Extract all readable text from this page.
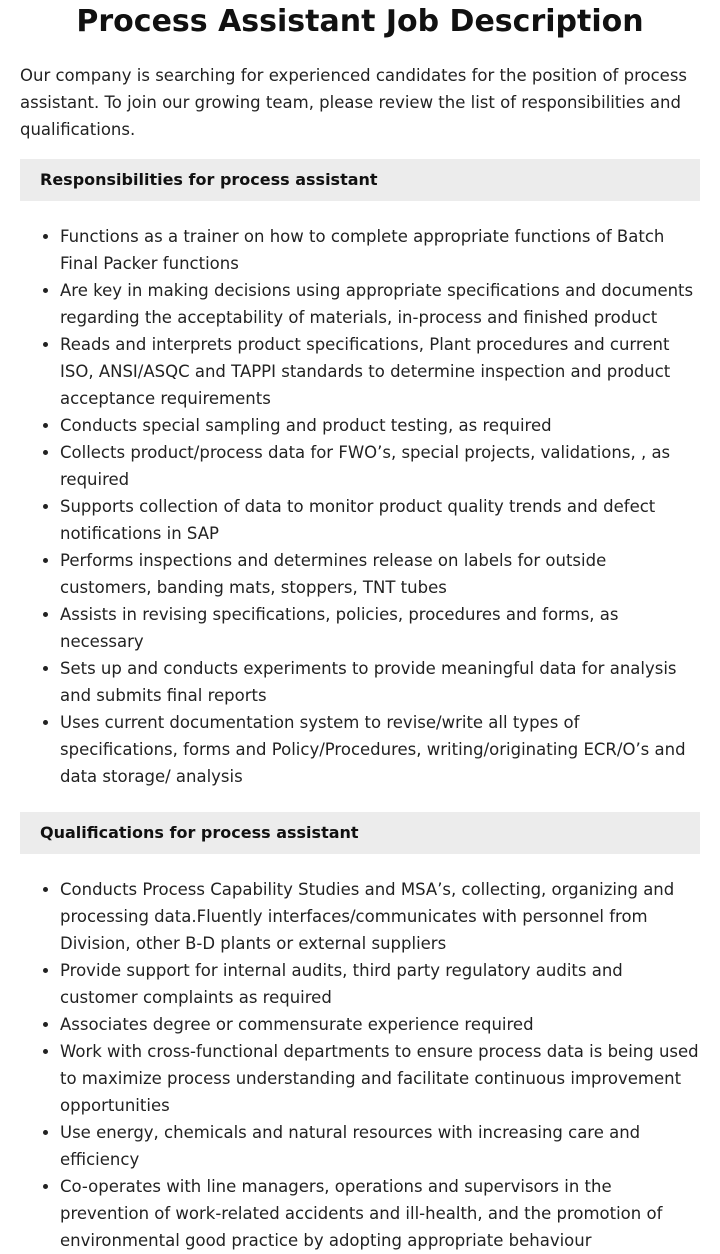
Process Assistant Job Description

Our company is searching for experienced candidates for the position of process assistant. To join our growing team, please review the list of responsibilities and qualifications.

Responsibilities for process assistant
• Functions as a trainer on how to complete appropriate functions of Batch Final Packer functions
• Are key in making decisions using appropriate specifications and documents regarding the acceptability of materials, in-process and finished product
• Reads and interprets product specifications, Plant procedures and current ISO, ANSI/ASQC and TAPPI standards to determine inspection and product acceptance requirements
• Conducts special sampling and product testing, as required
• Collects product/process data for FWO’s, special projects, validations, , as required
• Supports collection of data to monitor product quality trends and defect notifications in SAP
• Performs inspections and determines release on labels for outside customers, banding mats, stoppers, TNT tubes
• Assists in revising specifications, policies, procedures and forms, as necessary
• Sets up and conducts experiments to provide meaningful data for analysis and submits final reports
• Uses current documentation system to revise/write all types of specifications, forms and Policy/Procedures, writing/originating ECR/O’s and data storage/ analysis
Qualifications for process assistant
• Conducts Process Capability Studies and MSA’s, collecting, organizing and processing data.Fluently interfaces/communicates with personnel from Division, other B-D plants or external suppliers
• Provide support for internal audits, third party regulatory audits and customer complaints as required
• Associates degree or commensurate experience required
• Work with cross-functional departments to ensure process data is being used to maximize process understanding and facilitate continuous improvement opportunities
• Use energy, chemicals and natural resources with increasing care and efficiency
• Co-operates with line managers, operations and supervisors in the prevention of work-related accidents and ill-health, and the promotion of environmental good practice by adopting appropriate behaviour
